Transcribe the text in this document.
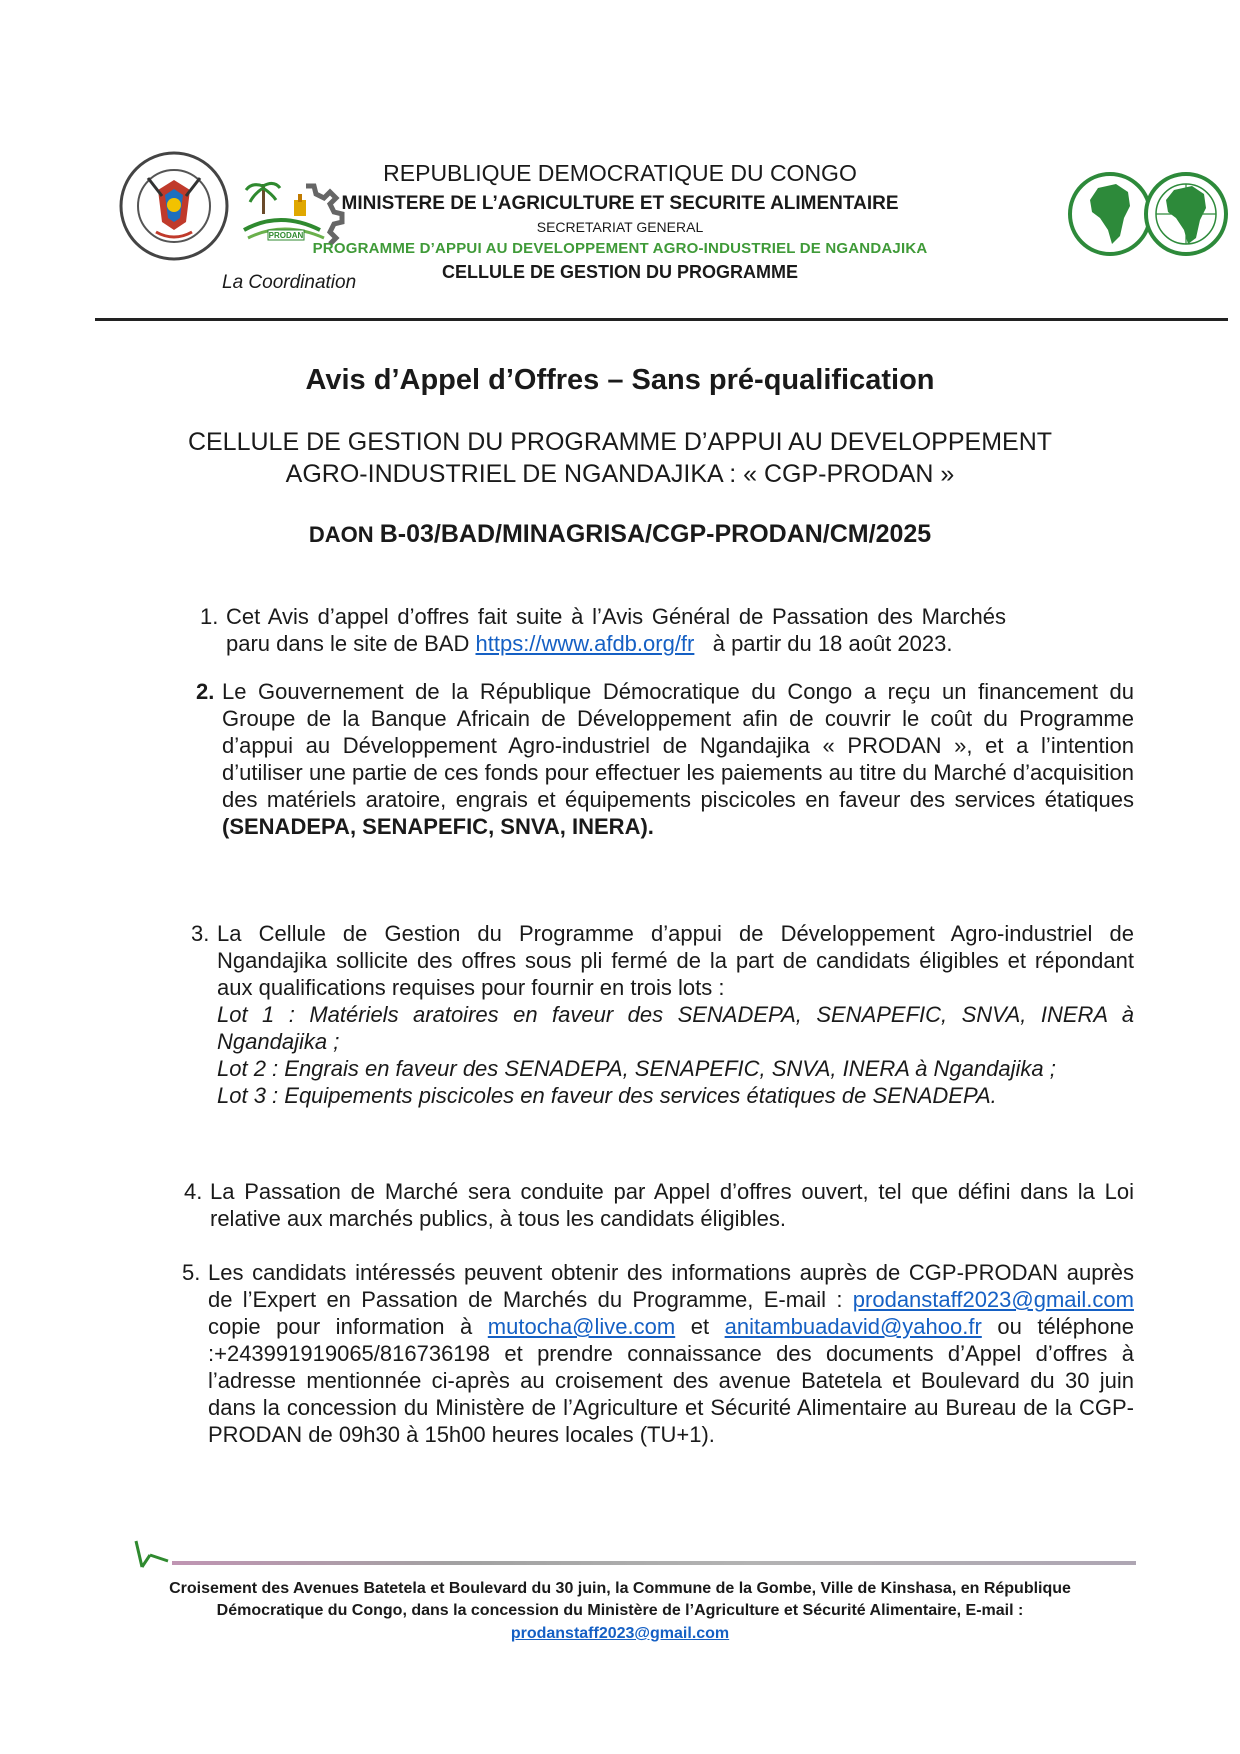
PRODAN
REPUBLIQUE DEMOCRATIQUE DU CONGO
MINISTERE DE L’AGRICULTURE ET SECURITE ALIMENTAIRE
SECRETARIAT GENERAL
PROGRAMME D’APPUI AU DEVELOPPEMENT AGRO-INDUSTRIEL DE NGANDAJIKA
CELLULE DE GESTION DU PROGRAMME
La Coordination
Avis d’Appel d’Offres – Sans pré-qualification
CELLULE DE GESTION DU PROGRAMME D’APPUI AU DEVELOPPEMENT
AGRO-INDUSTRIEL DE NGANDAJIKA : « CGP-PRODAN »
DAON B-03/BAD/MINAGRISA/CGP-PRODAN/CM/2025
1. Cet Avis d’appel d’offres fait suite à l’Avis Général de Passation des Marchés paru dans le site de BAD https://www.afdb.org/fr à partir du 18 août 2023.
2. Le Gouvernement de la République Démocratique du Congo a reçu un financement du Groupe de la Banque Africain de Développement afin de couvrir le coût du Programme d’appui au Développement Agro-industriel de Ngandajika « PRODAN », et a l’intention d’utiliser une partie de ces fonds pour effectuer les paiements au titre du Marché d’acquisition des matériels aratoire, engrais et équipements piscicoles en faveur des services étatiques (SENADEPA, SENAPEFIC, SNVA, INERA).
3. La Cellule de Gestion du Programme d’appui de Développement Agro-industriel de Ngandajika sollicite des offres sous pli fermé de la part de candidats éligibles et répondant aux qualifications requises pour fournir en trois lots :
Lot 1 : Matériels aratoires en faveur des SENADEPA, SENAPEFIC, SNVA, INERA à Ngandajika ;
Lot 2 : Engrais en faveur des SENADEPA, SENAPEFIC, SNVA, INERA à Ngandajika ;
Lot 3 : Equipements piscicoles en faveur des services étatiques de SENADEPA.
4. La Passation de Marché sera conduite par Appel d’offres ouvert, tel que défini dans la Loi relative aux marchés publics, à tous les candidats éligibles.
5. Les candidats intéressés peuvent obtenir des informations auprès de CGP-PRODAN auprès de l’Expert en Passation de Marchés du Programme, E-mail : prodanstaff2023@gmail.com copie pour information à mutocha@live.com et anitambuadavid@yahoo.fr ou téléphone :+243991919065/816736198 et prendre connaissance des documents d’Appel d’offres à l’adresse mentionnée ci-après au croisement des avenue Batetela et Boulevard du 30 juin dans la concession du Ministère de l’Agriculture et Sécurité Alimentaire au Bureau de la CGP-PRODAN de 09h30 à 15h00 heures locales (TU+1).
Croisement des Avenues Batetela et Boulevard du 30 juin, la Commune de la Gombe, Ville de Kinshasa, en République
Démocratique du Congo, dans la concession du Ministère de l’Agriculture et Sécurité Alimentaire, E-mail :
prodanstaff2023@gmail.com
